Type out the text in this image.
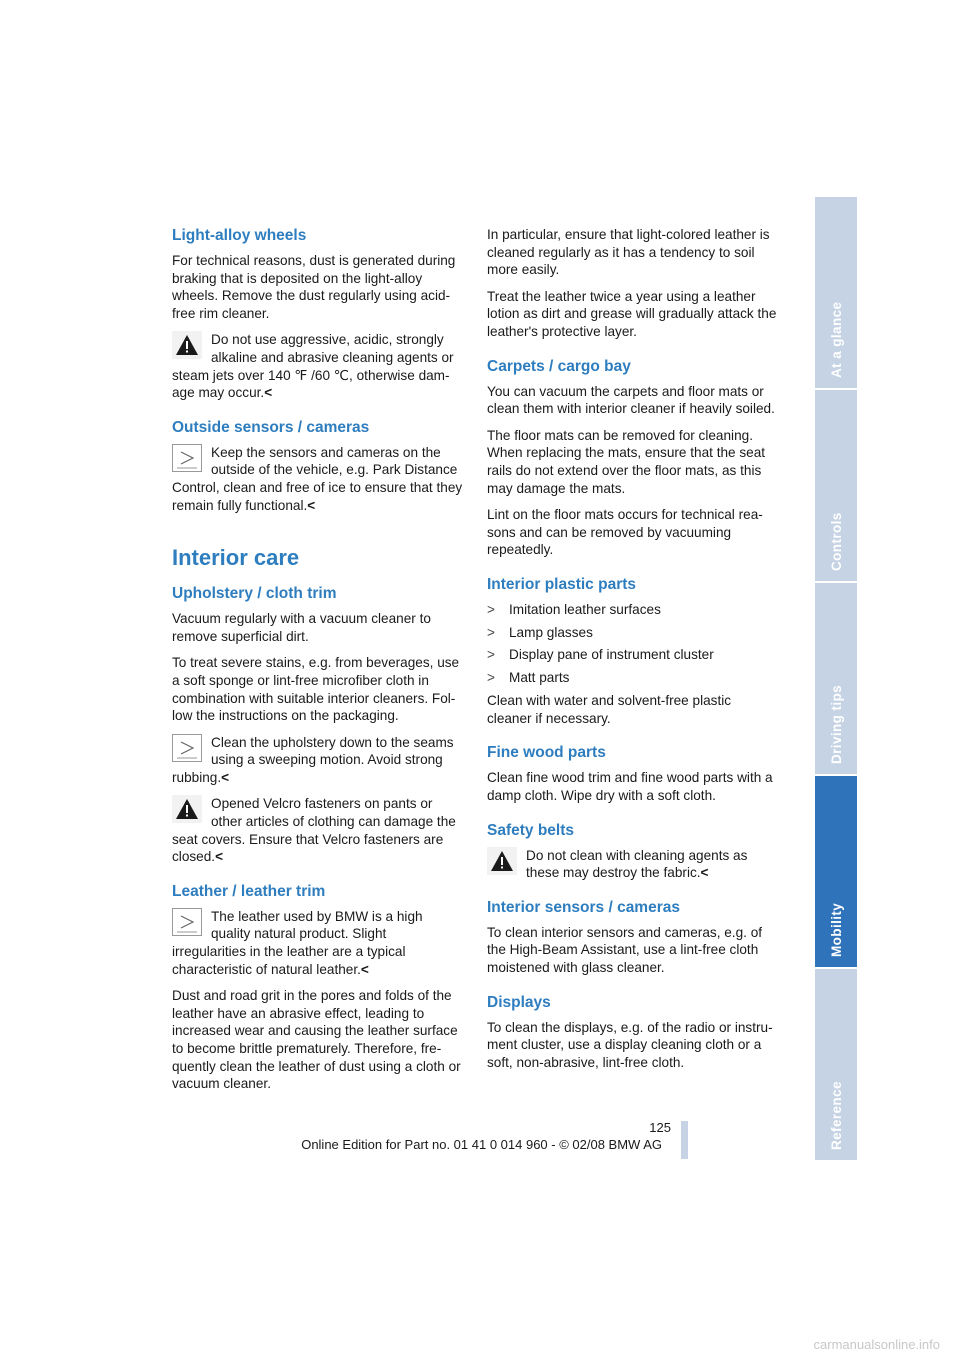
Light-alloy wheels

For technical reasons, dust is generated during braking that is deposited on the light-alloy wheels. Remove the dust regularly using acid-free rim cleaner.

Do not use aggressive, acidic, strongly alkaline and abrasive cleaning agents or steam jets over 140 ℉ /60 ℃, otherwise dam-age may occur.<

Outside sensors / cameras

Keep the sensors and cameras on the outside of the vehicle, e.g. Park Distance Control, clean and free of ice to ensure that they remain fully functional.<

Interior care
Upholstery / cloth trim

Vacuum regularly with a vacuum cleaner to remove superficial dirt.

To treat severe stains, e.g. from beverages, use a soft sponge or lint-free microfiber cloth in combination with suitable interior cleaners. Fol-low the instructions on the packaging.

Clean the upholstery down to the seams using a sweeping motion. Avoid strong rubbing.<

Opened Velcro fasteners on pants or other articles of clothing can damage the seat covers. Ensure that Velcro fasteners are closed.<

Leather / leather trim

The leather used by BMW is a high quality natural product. Slight irregularities in the leather are a typical characteristic of natural leather.<

Dust and road grit in the pores and folds of the leather have an abrasive effect, leading to increased wear and causing the leather surface to become brittle prematurely. Therefore, fre-quently clean the leather of dust using a cloth or vacuum cleaner.

In particular, ensure that light-colored leather is cleaned regularly as it has a tendency to soil more easily.

Treat the leather twice a year using a leather lotion as dirt and grease will gradually attack the leather's protective layer.

Carpets / cargo bay

You can vacuum the carpets and floor mats or clean them with interior cleaner if heavily soiled.

The floor mats can be removed for cleaning. When replacing the mats, ensure that the seat rails do not extend over the floor mats, as this may damage the mats.

Lint on the floor mats occurs for technical rea-sons and can be removed by vacuuming repeatedly.

Interior plastic parts
> Imitation leather surfaces
> Lamp glasses
> Display pane of instrument cluster
> Matt parts

Clean with water and solvent-free plastic cleaner if necessary.

Fine wood parts

Clean fine wood trim and fine wood parts with a damp cloth. Wipe dry with a soft cloth.

Safety belts

Do not clean with cleaning agents as these may destroy the fabric.<

Interior sensors / cameras

To clean interior sensors and cameras, e.g. of the High-Beam Assistant, use a lint-free cloth moistened with glass cleaner.

Displays

To clean the displays, e.g. of the radio or instru-ment cluster, use a display cleaning cloth or a soft, non-abrasive, lint-free cloth.

At a glance
Controls
Driving tips
Mobility
Reference
125
Online Edition for Part no. 01 41 0 014 960 - © 02/08 BMW AG
carmanualsonline.info
